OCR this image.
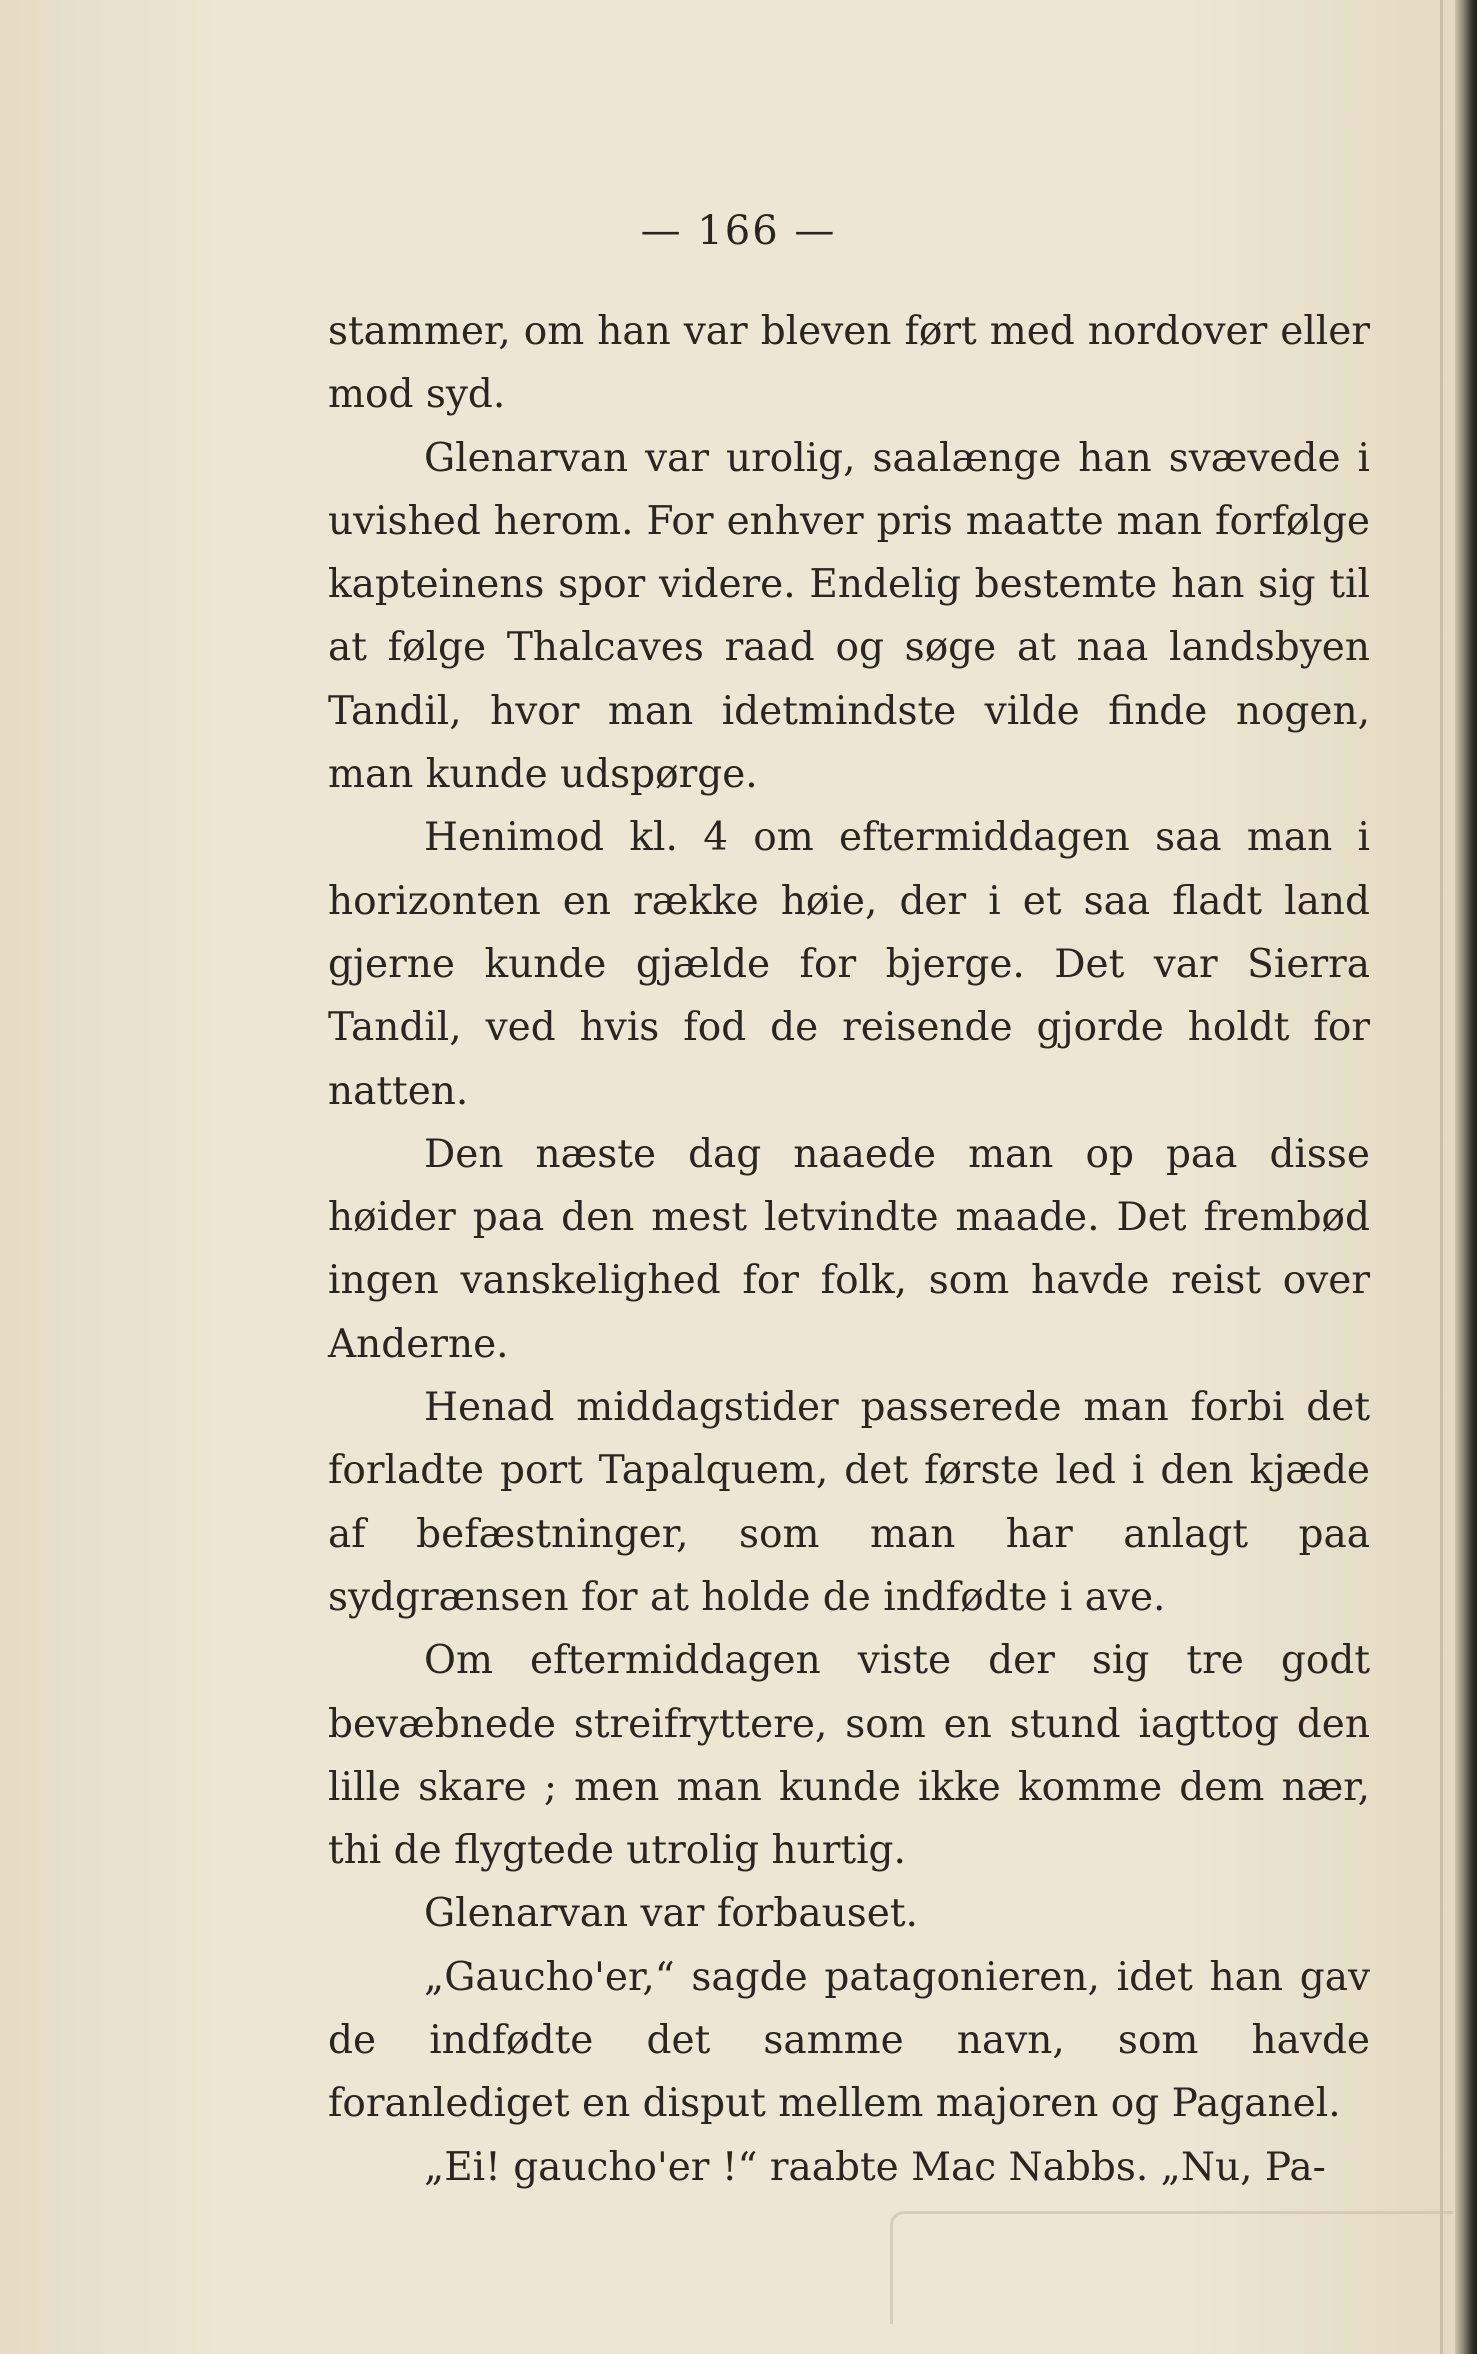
— 166 —

stammer, om han var bleven ført med nordover eller mod syd.

Glenarvan var urolig, saalænge han svævede i uvished herom. For enhver pris maatte man forfølge kapteinens spor videre. Endelig bestemte han sig til at følge Thalcaves raad og søge at naa landsbyen Tandil, hvor man idetmindste vilde finde nogen, man kunde udspørge.

Henimod kl. 4 om eftermiddagen saa man i horizonten en række høie, der i et saa fladt land gjerne kunde gjælde for bjerge. Det var Sierra Tandil, ved hvis fod de reisende gjorde holdt for natten.

Den næste dag naaede man op paa disse høider paa den mest letvindte maade. Det frembød ingen vanskelighed for folk, som havde reist over Anderne.

Henad middagstider passerede man forbi det forladte port Tapalquem, det første led i den kjæde af befæstninger, som man har anlagt paa sydgrænsen for at holde de indfødte i ave.

Om eftermiddagen viste der sig tre godt bevæbnede streifryttere, som en stund iagttog den lille skare ; men man kunde ikke komme dem nær, thi de flygtede utrolig hurtig.

Glenarvan var forbauset.

„Gaucho'er,“ sagde patagonieren, idet han gav de indfødte det samme navn, som havde foranlediget en disput mellem majoren og Paganel.

„Ei! gaucho'er !“ raabte Mac Nabbs. „Nu, Pa-
